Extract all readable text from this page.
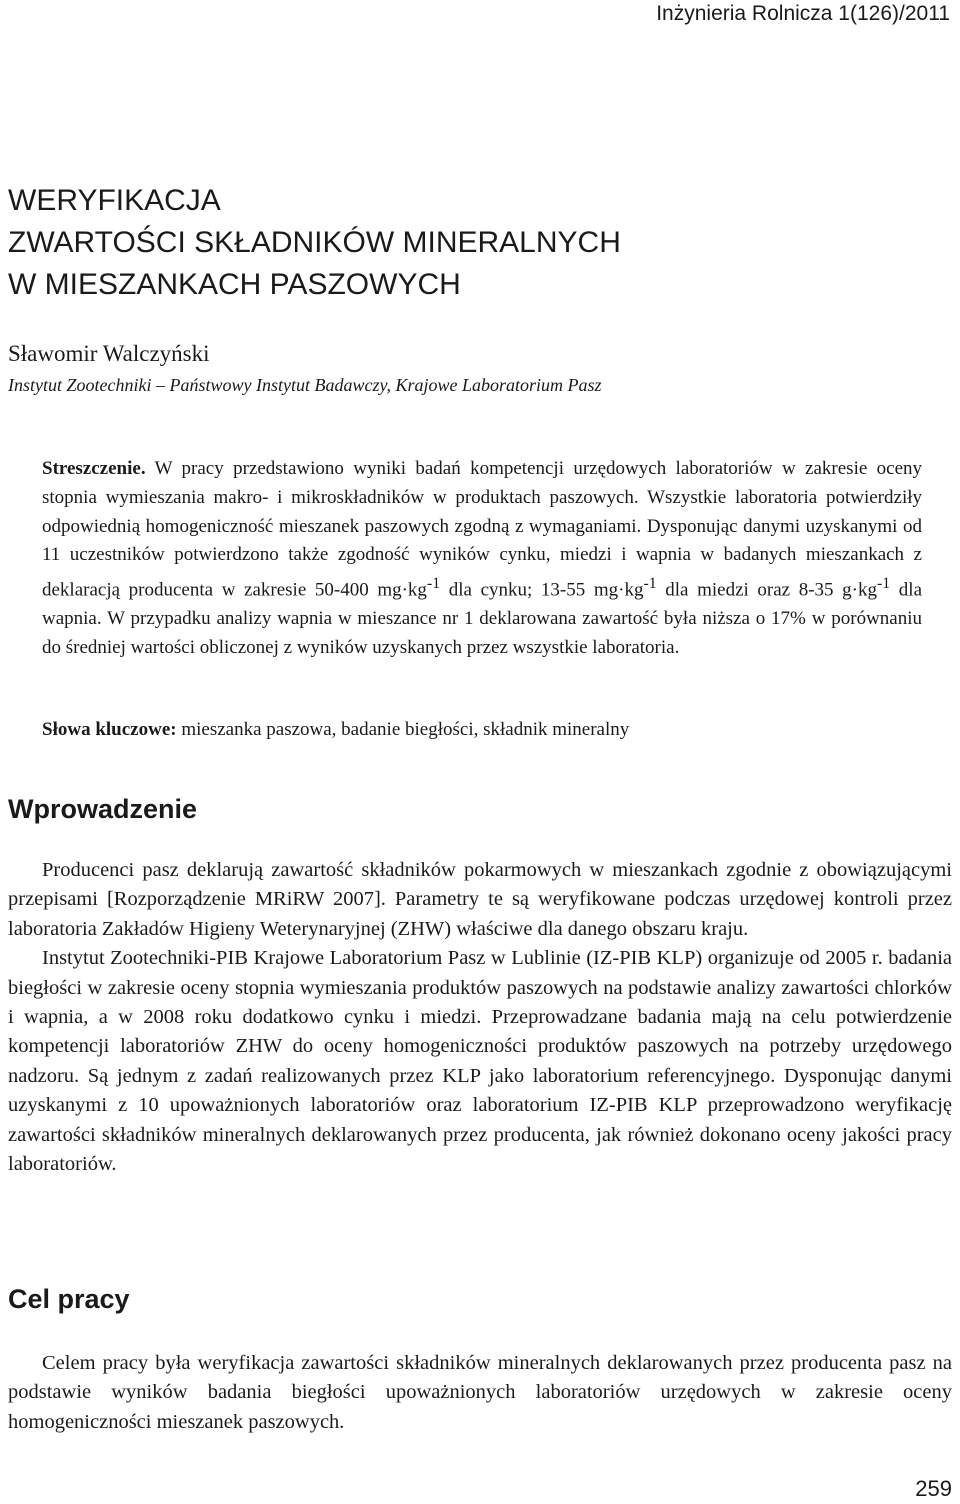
Inżynieria Rolnicza 1(126)/2011
WERYFIKACJA
ZWARTOŚCI SKŁADNIKÓW MINERALNYCH
W MIESZANKACH PASZOWYCH
Sławomir Walczyński
Instytut Zootechniki – Państwowy Instytut Badawczy, Krajowe Laboratorium Pasz

Streszczenie. W pracy przedstawiono wyniki badań kompetencji urzędowych laboratoriów w zakresie oceny stopnia wymieszania makro- i mikroskładników w produktach paszowych. Wszystkie laboratoria potwierdziły odpowiednią homogeniczność mieszanek paszowych zgodną z wymaganiami. Dysponując danymi uzyskanymi od 11 uczestników potwierdzono także zgodność wyników cynku, miedzi i wapnia w badanych mieszankach z deklaracją producenta w zakresie 50-400 $mg\cdot kg^{-1}$ dla cynku; 13-55 $mg\cdot kg^{-1}$ dla miedzi oraz 8-35 $g\cdot kg^{-1}$ dla wapnia. W przypadku analizy wapnia w mieszance nr 1 deklarowana zawartość była niższa o 17% w porównaniu do średniej wartości obliczonej z wyników uzyskanych przez wszystkie laboratoria.

Słowa kluczowe: mieszanka paszowa, badanie biegłości, składnik mineralny

Wprowadzenie

Producenci pasz deklarują zawartość składników pokarmowych w mieszankach zgodnie z obowiązującymi przepisami [Rozporządzenie MRiRW 2007]. Parametry te są weryfikowane podczas urzędowej kontroli przez laboratoria Zakładów Higieny Weterynaryjnej (ZHW) właściwe dla danego obszaru kraju.

Instytut Zootechniki-PIB Krajowe Laboratorium Pasz w Lublinie (IZ-PIB KLP) organizuje od 2005 r. badania biegłości w zakresie oceny stopnia wymieszania produktów paszowych na podstawie analizy zawartości chlorków i wapnia, a w 2008 roku dodatkowo cynku i miedzi. Przeprowadzane badania mają na celu potwierdzenie kompetencji laboratoriów ZHW do oceny homogeniczności produktów paszowych na potrzeby urzędowego nadzoru. Są jednym z zadań realizowanych przez KLP jako laboratorium referencyjnego. Dysponując danymi uzyskanymi z 10 upoważnionych laboratoriów oraz laboratorium IZ-PIB KLP przeprowadzono weryfikację zawartości składników mineralnych deklarowanych przez producenta, jak również dokonano oceny jakości pracy laboratoriów.

Cel pracy

Celem pracy była weryfikacja zawartości składników mineralnych deklarowanych przez producenta pasz na podstawie wyników badania biegłości upoważnionych laboratoriów urzędowych w zakresie oceny homogeniczności mieszanek paszowych.

259
